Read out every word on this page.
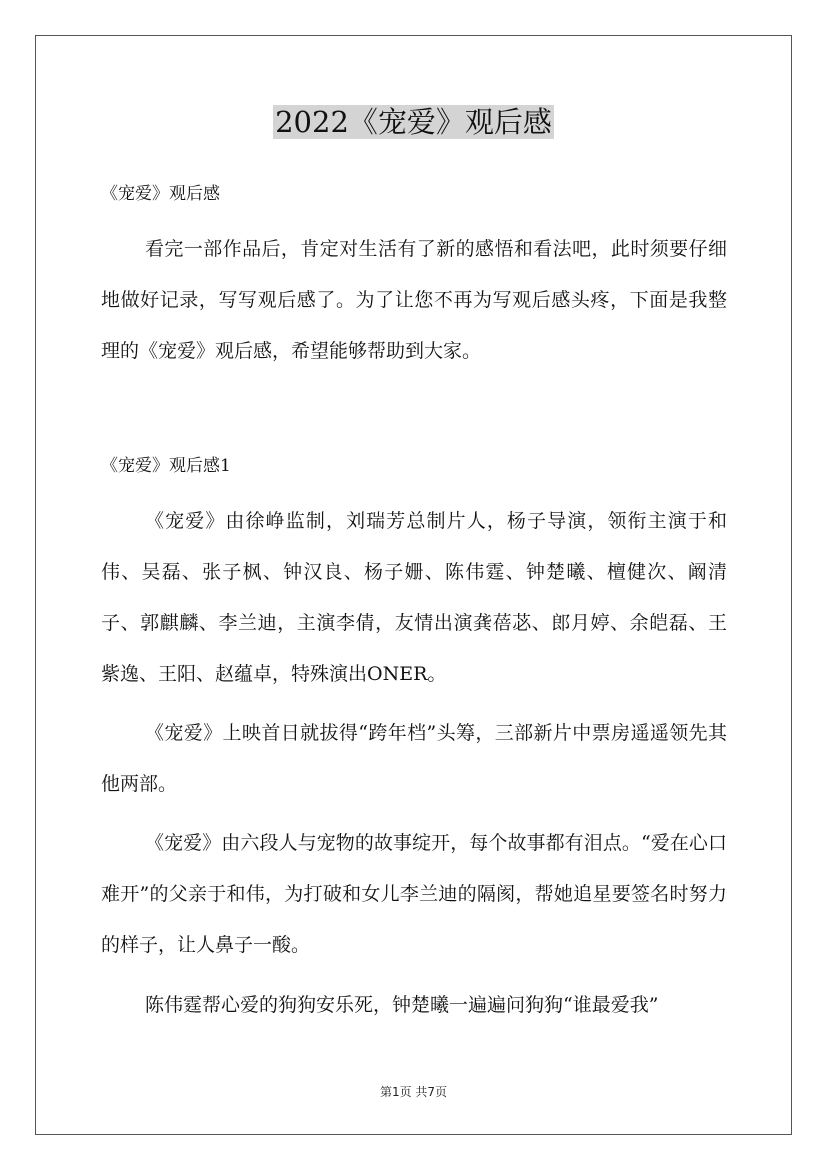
2022《宠爱》观后感

《宠爱》观后感

看完一部作品后，肯定对生活有了新的感悟和看法吧，此时须要仔细地做好记录，写写观后感了。为了让您不再为写观后感头疼，下面是我整理的《宠爱》观后感，希望能够帮助到大家。

《宠爱》观后感1

《宠爱》由徐峥监制，刘瑞芳总制片人，杨子导演，领衔主演于和伟、吴磊、张子枫、钟汉良、杨子姗、陈伟霆、钟楚曦、檀健次、阚清子、郭麒麟、李兰迪，主演李倩，友情出演龚蓓苾、郎月婷、余皑磊、王紫逸、王阳、赵蕴卓，特殊演出ONER。

《宠爱》上映首日就拔得“跨年档”头筹，三部新片中票房遥遥领先其他两部。

《宠爱》由六段人与宠物的故事绽开，每个故事都有泪点。“爱在心口难开”的父亲于和伟，为打破和女儿李兰迪的隔阂，帮她追星要签名时努力的样子，让人鼻子一酸。

陈伟霆帮心爱的狗狗安乐死，钟楚曦一遍遍问狗狗“谁最爱我”

第1页 共7页
